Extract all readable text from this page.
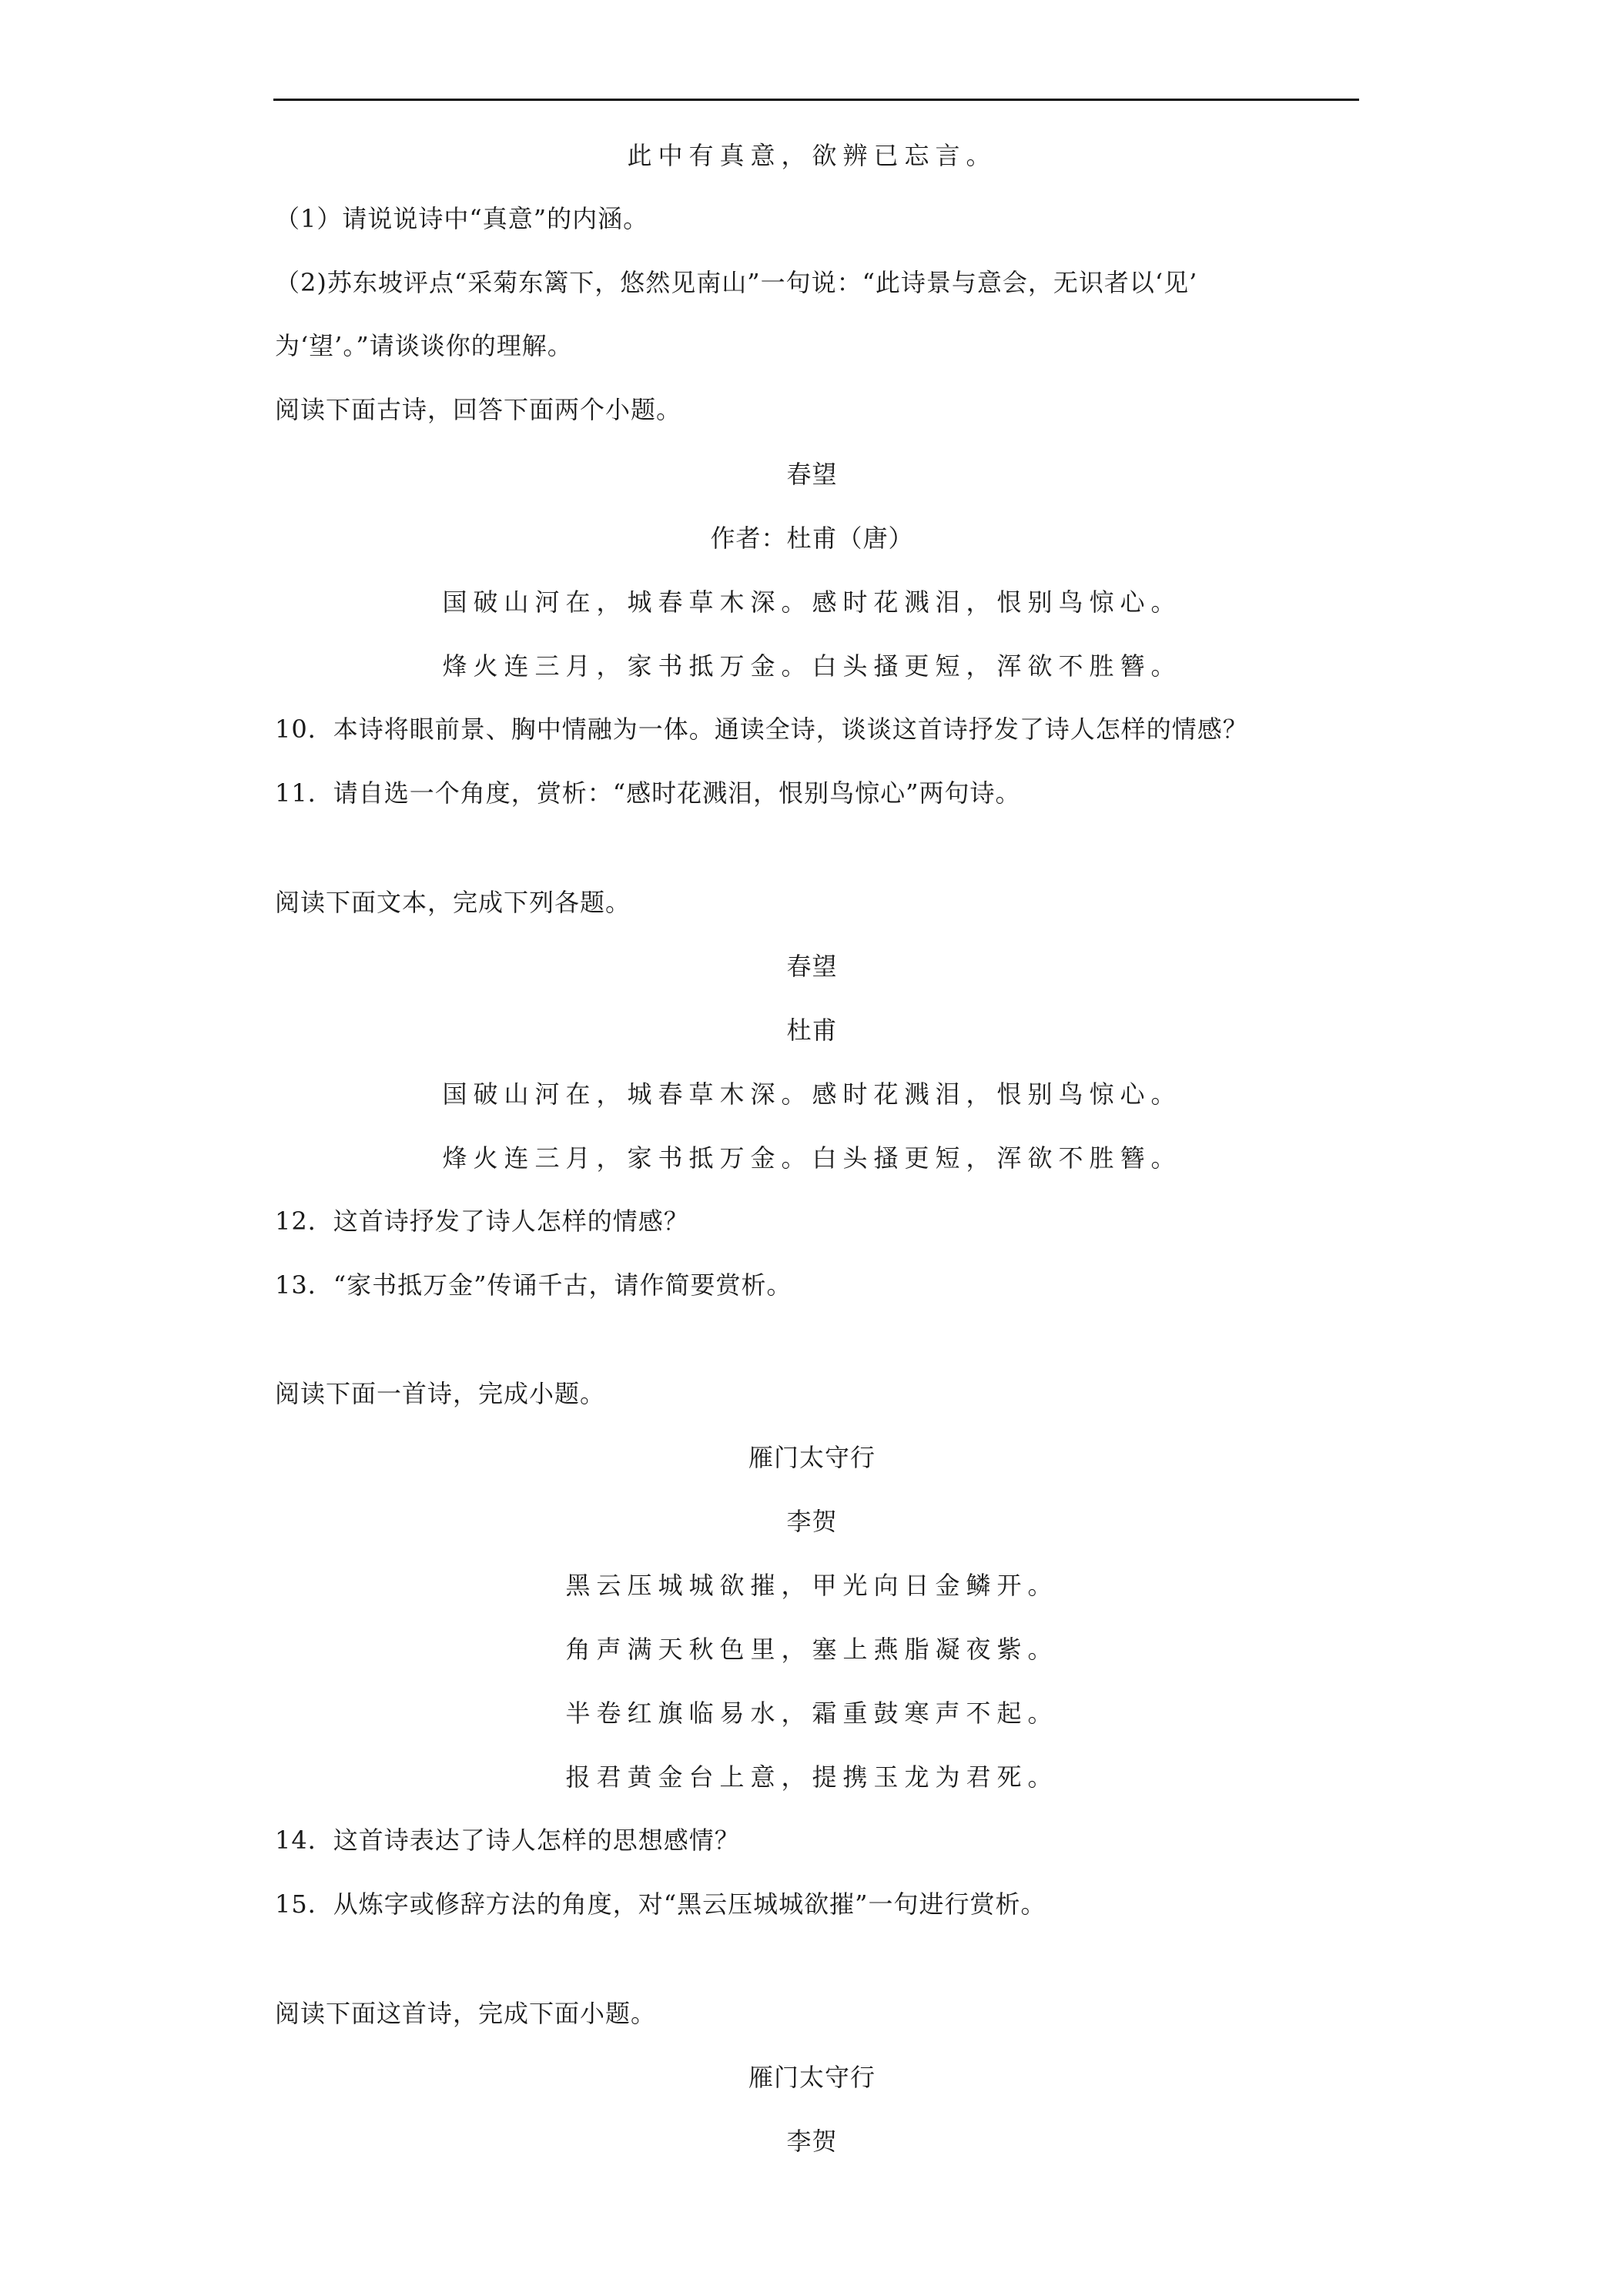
此中有真意，欲辨已忘言。
（1）请说说诗中“真意”的内涵。
（2)苏东坡评点“采菊东篱下，悠然见南山”一句说：“此诗景与意会，无识者以‘见’
为‘望’。”请谈谈你的理解。
阅读下面古诗，回答下面两个小题。
春望
作者：杜甫（唐）
国破山河在，城春草木深。感时花溅泪，恨别鸟惊心。
烽火连三月，家书抵万金。白头搔更短，浑欲不胜簪。
10．本诗将眼前景、胸中情融为一体。通读全诗，谈谈这首诗抒发了诗人怎样的情感？
11．请自选一个角度，赏析：“感时花溅泪，恨别鸟惊心”两句诗。
阅读下面文本，完成下列各题。
春望
杜甫
国破山河在，城春草木深。感时花溅泪，恨别鸟惊心。
烽火连三月，家书抵万金。白头搔更短，浑欲不胜簪。
12．这首诗抒发了诗人怎样的情感？
13．“家书抵万金”传诵千古，请作简要赏析。
阅读下面一首诗，完成小题。
雁门太守行
李贺
黑云压城城欲摧，甲光向日金鳞开。
角声满天秋色里，塞上燕脂凝夜紫。
半卷红旗临易水，霜重鼓寒声不起。
报君黄金台上意，提携玉龙为君死。
14．这首诗表达了诗人怎样的思想感情？
15．从炼字或修辞方法的角度，对“黑云压城城欲摧”一句进行赏析。
阅读下面这首诗，完成下面小题。
雁门太守行
李贺
